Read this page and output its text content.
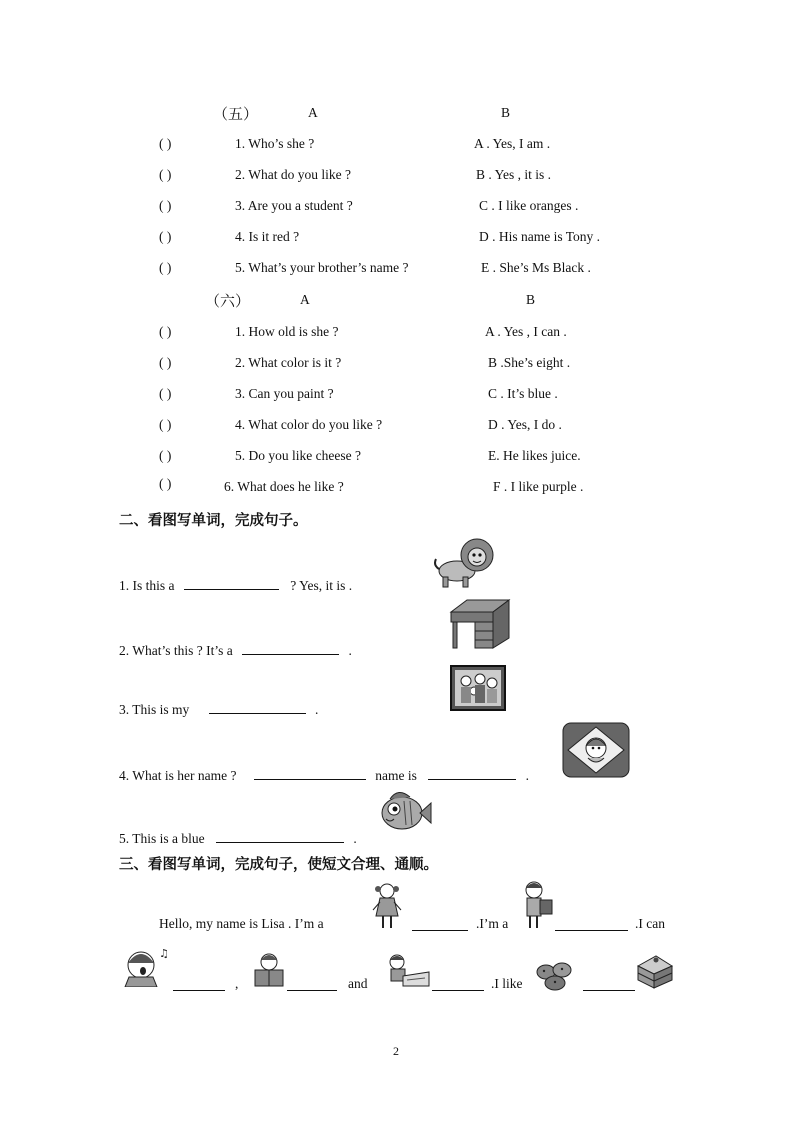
（五）	A	B
( )	1. Who’s she ?	A . Yes, I am .
( )	2. What do you like ?	B . Yes , it is .
( )	3. Are you a student ?	C . I like oranges .
( )	4. Is it red ?	D . His name is Tony .
( )	5. What’s your brother’s name ?	E . She’s Ms Black .
（六）	A	B
( )	1. How old is she ?	A . Yes , I can .
( )	2. What color is it ?	B .She’s eight .
( )	3. Can you paint ?	C . It’s blue .
( )	4. What color do you like ?	D . Yes, I do .
( )	5. Do you like cheese ?	E. He likes juice.
( )	6. What does he like ?	F . I like purple .
二、看图写单词，完成句子。
1. Is this a	? Yes, it is .
2. What’s this ? It’s a	.
3. This is my	.
4. What is her name ?	name is	.
5. This is a blue	.
三、看图写单词，完成句子，使短文合理、通顺。
Hello, my name is Lisa . I’m a	.I’m a	.I can
,	and	.I like
♫
2
